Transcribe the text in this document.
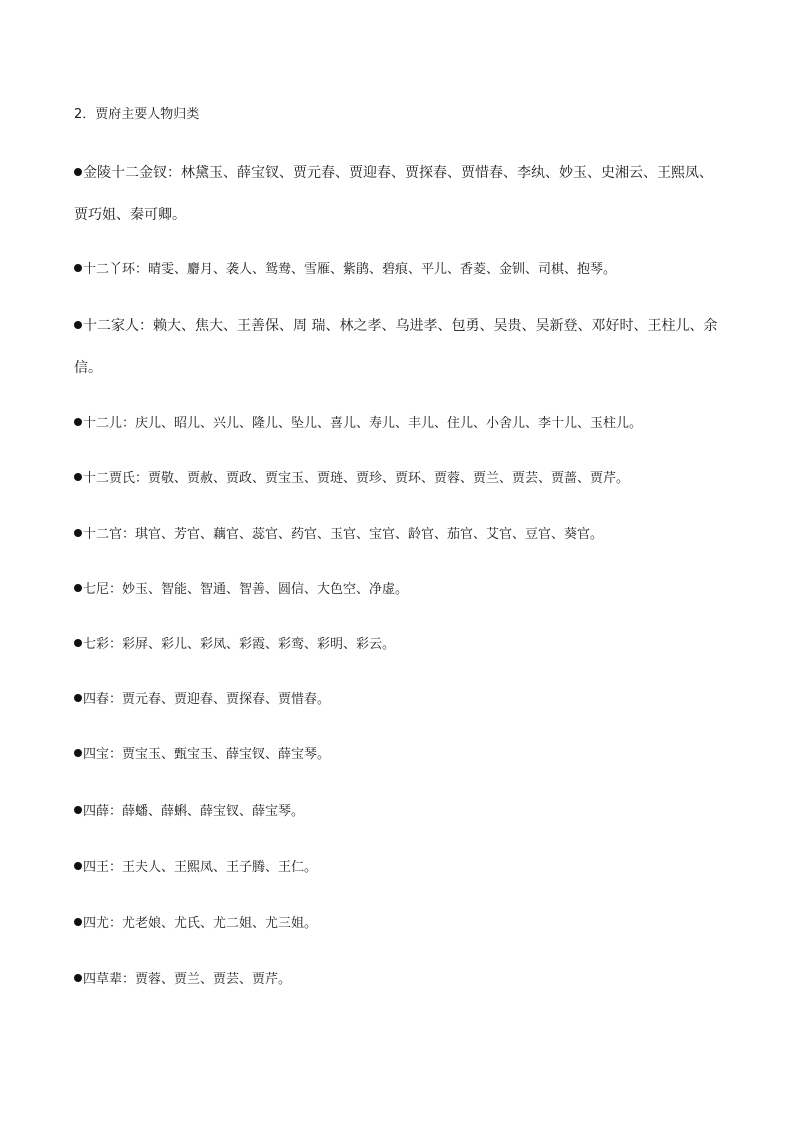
2．贾府主要人物归类
金陵十二金钗：林黛玉、薛宝钗、贾元春、贾迎春、贾探春、贾惜春、李纨、妙玉、史湘云、王熙凤、
贾巧姐、秦可卿。
十二丫环：晴雯、麝月、袭人、鸳鸯、雪雁、紫鹃、碧痕、平儿、香菱、金钏、司棋、抱琴。
十二家人：赖大、焦大、王善保、周 瑞、林之孝、乌进孝、包勇、吴贵、吴新登、邓好时、王柱儿、余
信。
十二儿：庆儿、昭儿、兴儿、隆儿、坠儿、喜儿、寿儿、丰儿、住儿、小舍儿、李十儿、玉柱儿。
十二贾氏：贾敬、贾赦、贾政、贾宝玉、贾琏、贾珍、贾环、贾蓉、贾兰、贾芸、贾蔷、贾芹。
十二官：琪官、芳官、藕官、蕊官、药官、玉官、宝官、龄官、茄官、艾官、豆官、葵官。
七尼：妙玉、智能、智通、智善、圆信、大色空、净虚。
七彩：彩屏、彩儿、彩凤、彩霞、彩鸾、彩明、彩云。
四春：贾元春、贾迎春、贾探春、贾惜春。
四宝：贾宝玉、甄宝玉、薛宝钗、薛宝琴。
四薛：薛蟠、薛蝌、薛宝钗、薛宝琴。
四王：王夫人、王熙凤、王子腾、王仁。
四尤：尤老娘、尤氏、尤二姐、尤三姐。
四草辈：贾蓉、贾兰、贾芸、贾芹。
